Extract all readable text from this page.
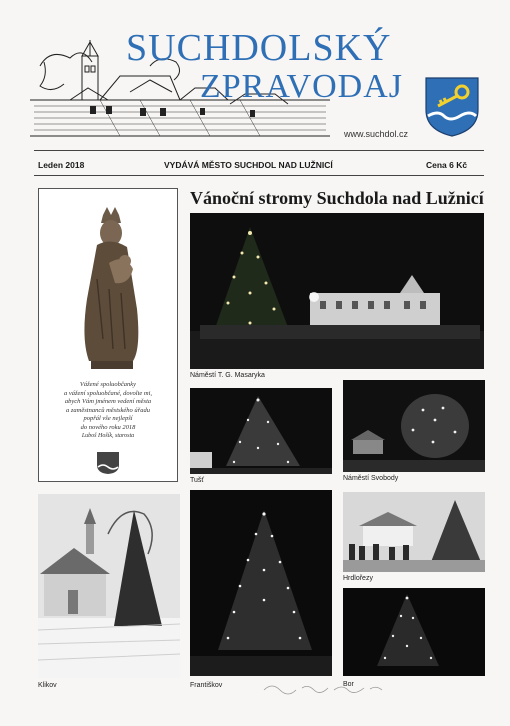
SUCHDOLSKÝ
ZPRAVODAJ
www.suchdol.cz
Leden 2018	VYDÁVÁ MĚSTO SUCHDOL NAD LUŽNICÍ	Cena 6 Kč
Vážené spoluobčanky
a vážení spoluobčané, dovolte mi,
abych Vám jménem vedení města
a zaměstnanců městského úřadu
popřál vše nejlepší
do nového roku 2018
Luboš Hošík, starosta
Vánoční stromy Suchdola nad Lužnicí
Náměstí T. G. Masaryka
Tušť	Náměstí Svobody
Klikov	Františkov
Hrdlořezy
Bor
